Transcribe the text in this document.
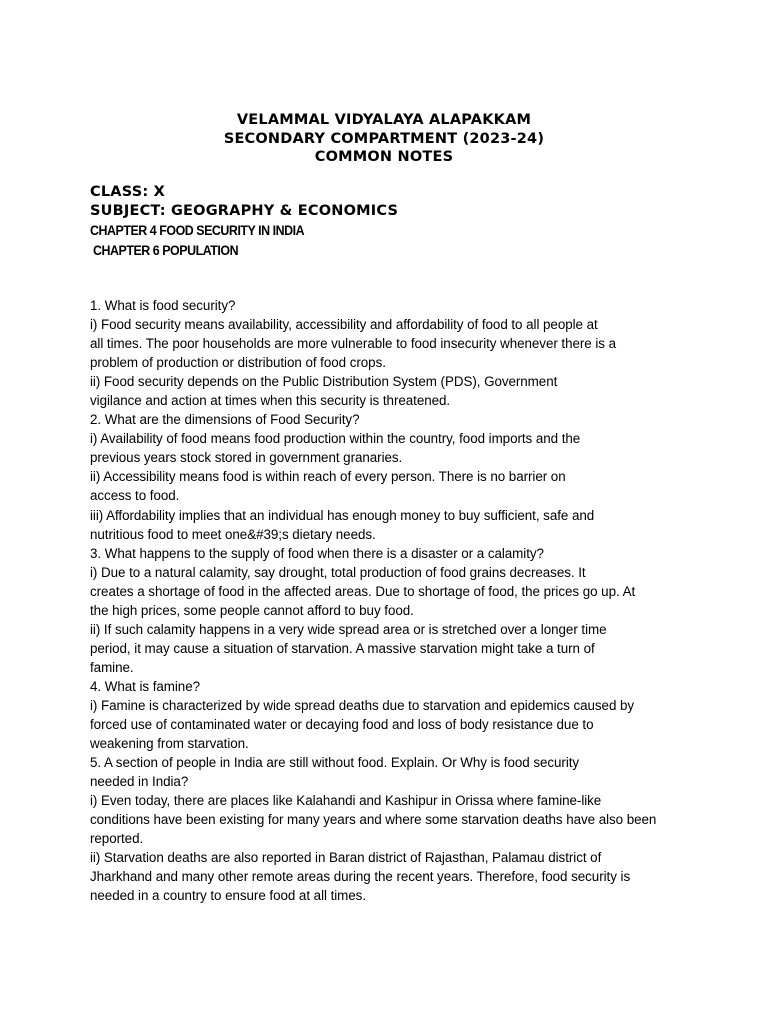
VELAMMAL VIDYALAYA ALAPAKKAM
SECONDARY COMPARTMENT (2023-24)
COMMON NOTES
CLASS: X
SUBJECT: GEOGRAPHY & ECONOMICS
CHAPTER 4 FOOD SECURITY IN INDIA
CHAPTER 6 POPULATION
1. What is food security?
i) Food security means availability, accessibility and affordability of food to all people at
all times. The poor households are more vulnerable to food insecurity whenever there is a
problem of production or distribution of food crops.
ii) Food security depends on the Public Distribution System (PDS), Government
vigilance and action at times when this security is threatened.
2. What are the dimensions of Food Security?
i) Availability of food means food production within the country, food imports and the
previous years stock stored in government granaries.
ii) Accessibility means food is within reach of every person. There is no barrier on
access to food.
iii) Affordability implies that an individual has enough money to buy sufficient, safe and
nutritious food to meet one&#39;s dietary needs.
3. What happens to the supply of food when there is a disaster or a calamity?
i) Due to a natural calamity, say drought, total production of food grains decreases. It
creates a shortage of food in the affected areas. Due to shortage of food, the prices go up. At
the high prices, some people cannot afford to buy food.
ii) If such calamity happens in a very wide spread area or is stretched over a longer time
period, it may cause a situation of starvation. A massive starvation might take a turn of
famine.
4. What is famine?
i) Famine is characterized by wide spread deaths due to starvation and epidemics caused by
forced use of contaminated water or decaying food and loss of body resistance due to
weakening from starvation.
5. A section of people in India are still without food. Explain. Or Why is food security
needed in India?
i) Even today, there are places like Kalahandi and Kashipur in Orissa where famine-like
conditions have been existing for many years and where some starvation deaths have also been
reported.
ii) Starvation deaths are also reported in Baran district of Rajasthan, Palamau district of
Jharkhand and many other remote areas during the recent years. Therefore, food security is
needed in a country to ensure food at all times.
